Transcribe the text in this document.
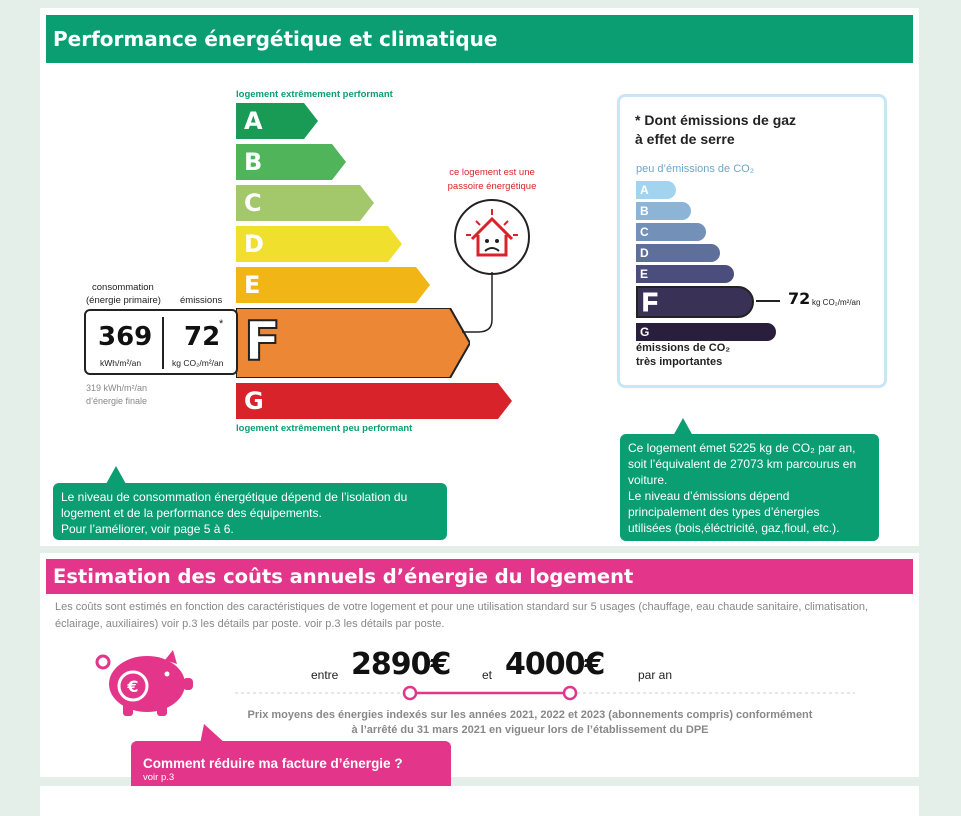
Performance énergétique et climatique
logement extrêmement performant
A
B
C
D
E
F
G
logement extrêmement peu performant
consommation
(énergie primaire) émissions
369
kWh/m²/an
72
*
kg CO₂/m²/an
319 kWh/m²/an
d’énergie finale
ce logement est une
passoire énergétique
* Dont émissions de gaz
à effet de serre
peu d’émissions de CO₂
A
B
C
D
E
F
G
72 kg CO₂/m²/an
émissions de CO₂
très importantes
Le niveau de consommation énergétique dépend de l’isolation du
logement et de la performance des équipements.
Pour l’améliorer, voir page 5 à 6.
Ce logement émet 5225 kg de CO₂ par an,
soit l’équivalent de 27073 km parcourus en
voiture.
Le niveau d’émissions dépend
principalement des types d’énergies
utilisées (bois,éléctricité, gaz,fioul, etc.).
Estimation des coûts annuels d’énergie du logement
Les coûts sont estimés en fonction des caractéristiques de votre logement et pour une utilisation standard sur 5 usages (chauffage, eau chaude sanitaire, climatisation, éclairage, auxiliaires) voir p.3 les détails par poste. voir p.3 les détails par poste.
€
entre 2890€	et 4000€	par an
Prix moyens des énergies indexés sur les années 2021, 2022 et 2023 (abonnements compris) conformément
à l’arrêté du 31 mars 2021 en vigueur lors de l’établissement du DPE
Comment réduire ma facture d’énergie ?
voir p.3
